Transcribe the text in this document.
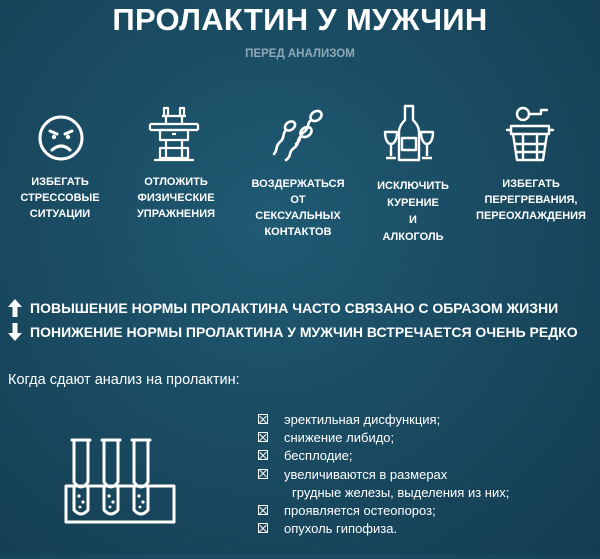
ПРОЛАКТИН У МУЖЧИН
ПЕРЕД АНАЛИЗОМ
ИЗБЕГАТЬ
СТРЕССОВЫЕ
СИТУАЦИИ
ОТЛОЖИТЬ
ФИЗИЧЕСКИЕ
УПРАЖНЕНИЯ
ВОЗДЕРЖАТЬСЯ
ОТ
СЕКСУАЛЬНЫХ
КОНТАКТОВ
ИСКЛЮЧИТЬ
КУРЕНИЕ
И
АЛКОГОЛЬ
ИЗБЕГАТЬ
ПЕРЕГРЕВАНИЯ,
ПЕРЕОХЛАЖДЕНИЯ
ПОВЫШЕНИЕ НОРМЫ ПРОЛАКТИНА ЧАСТО СВЯЗАНО С ОБРАЗОМ ЖИЗНИ
ПОНИЖЕНИЕ НОРМЫ ПРОЛАКТИНА У МУЖЧИН ВСТРЕЧАЕТСЯ ОЧЕНЬ РЕДКО
Когда сдают анализ на пролактин:
эректильная дисфункция;
снижение либидо;
бесплодие;
увеличиваются в размерах
грудные железы, выделения из них;
проявляется остеопороз;
опухоль гипофиза.
